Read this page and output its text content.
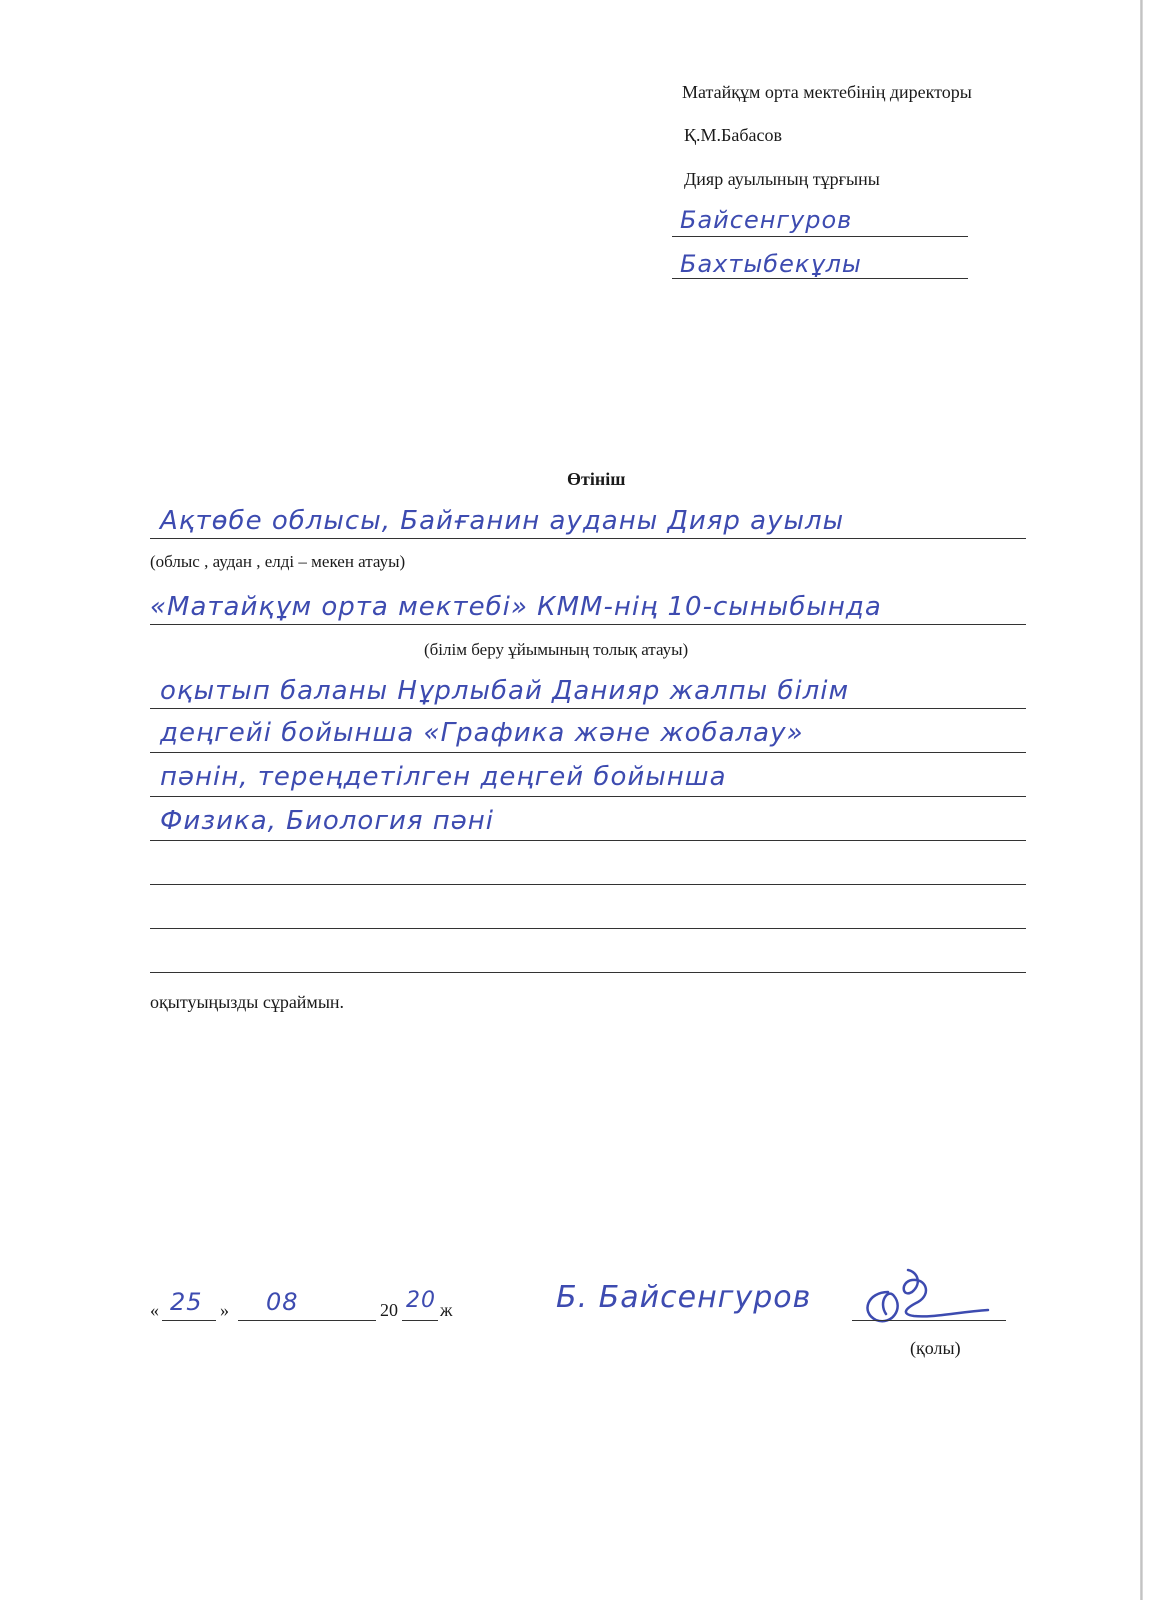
Матайқұм орта мектебінің директоры
Қ.М.Бабасов
Дияр ауылының тұрғыны
Байсенгуров
Бахтыбекұлы
Өтініш
Ақтөбе облысы, Байғанин ауданы Дияр ауылы
(облыс , аудан , елді – мекен атауы)
«Матайқұм орта мектебі» КММ-нің 10-сыныбында
(білім беру ұйымының толық атауы)
оқытып баланы Нұрлыбай Данияр жалпы білім
деңгейі бойынша «Графика және жобалау»
пәнін, тереңдетілген деңгей бойынша
Физика, Биология пәні
оқытуыңызды сұраймын.
« 25 » 08	20 20 ж	Б. Байсенгуров
(қолы)
